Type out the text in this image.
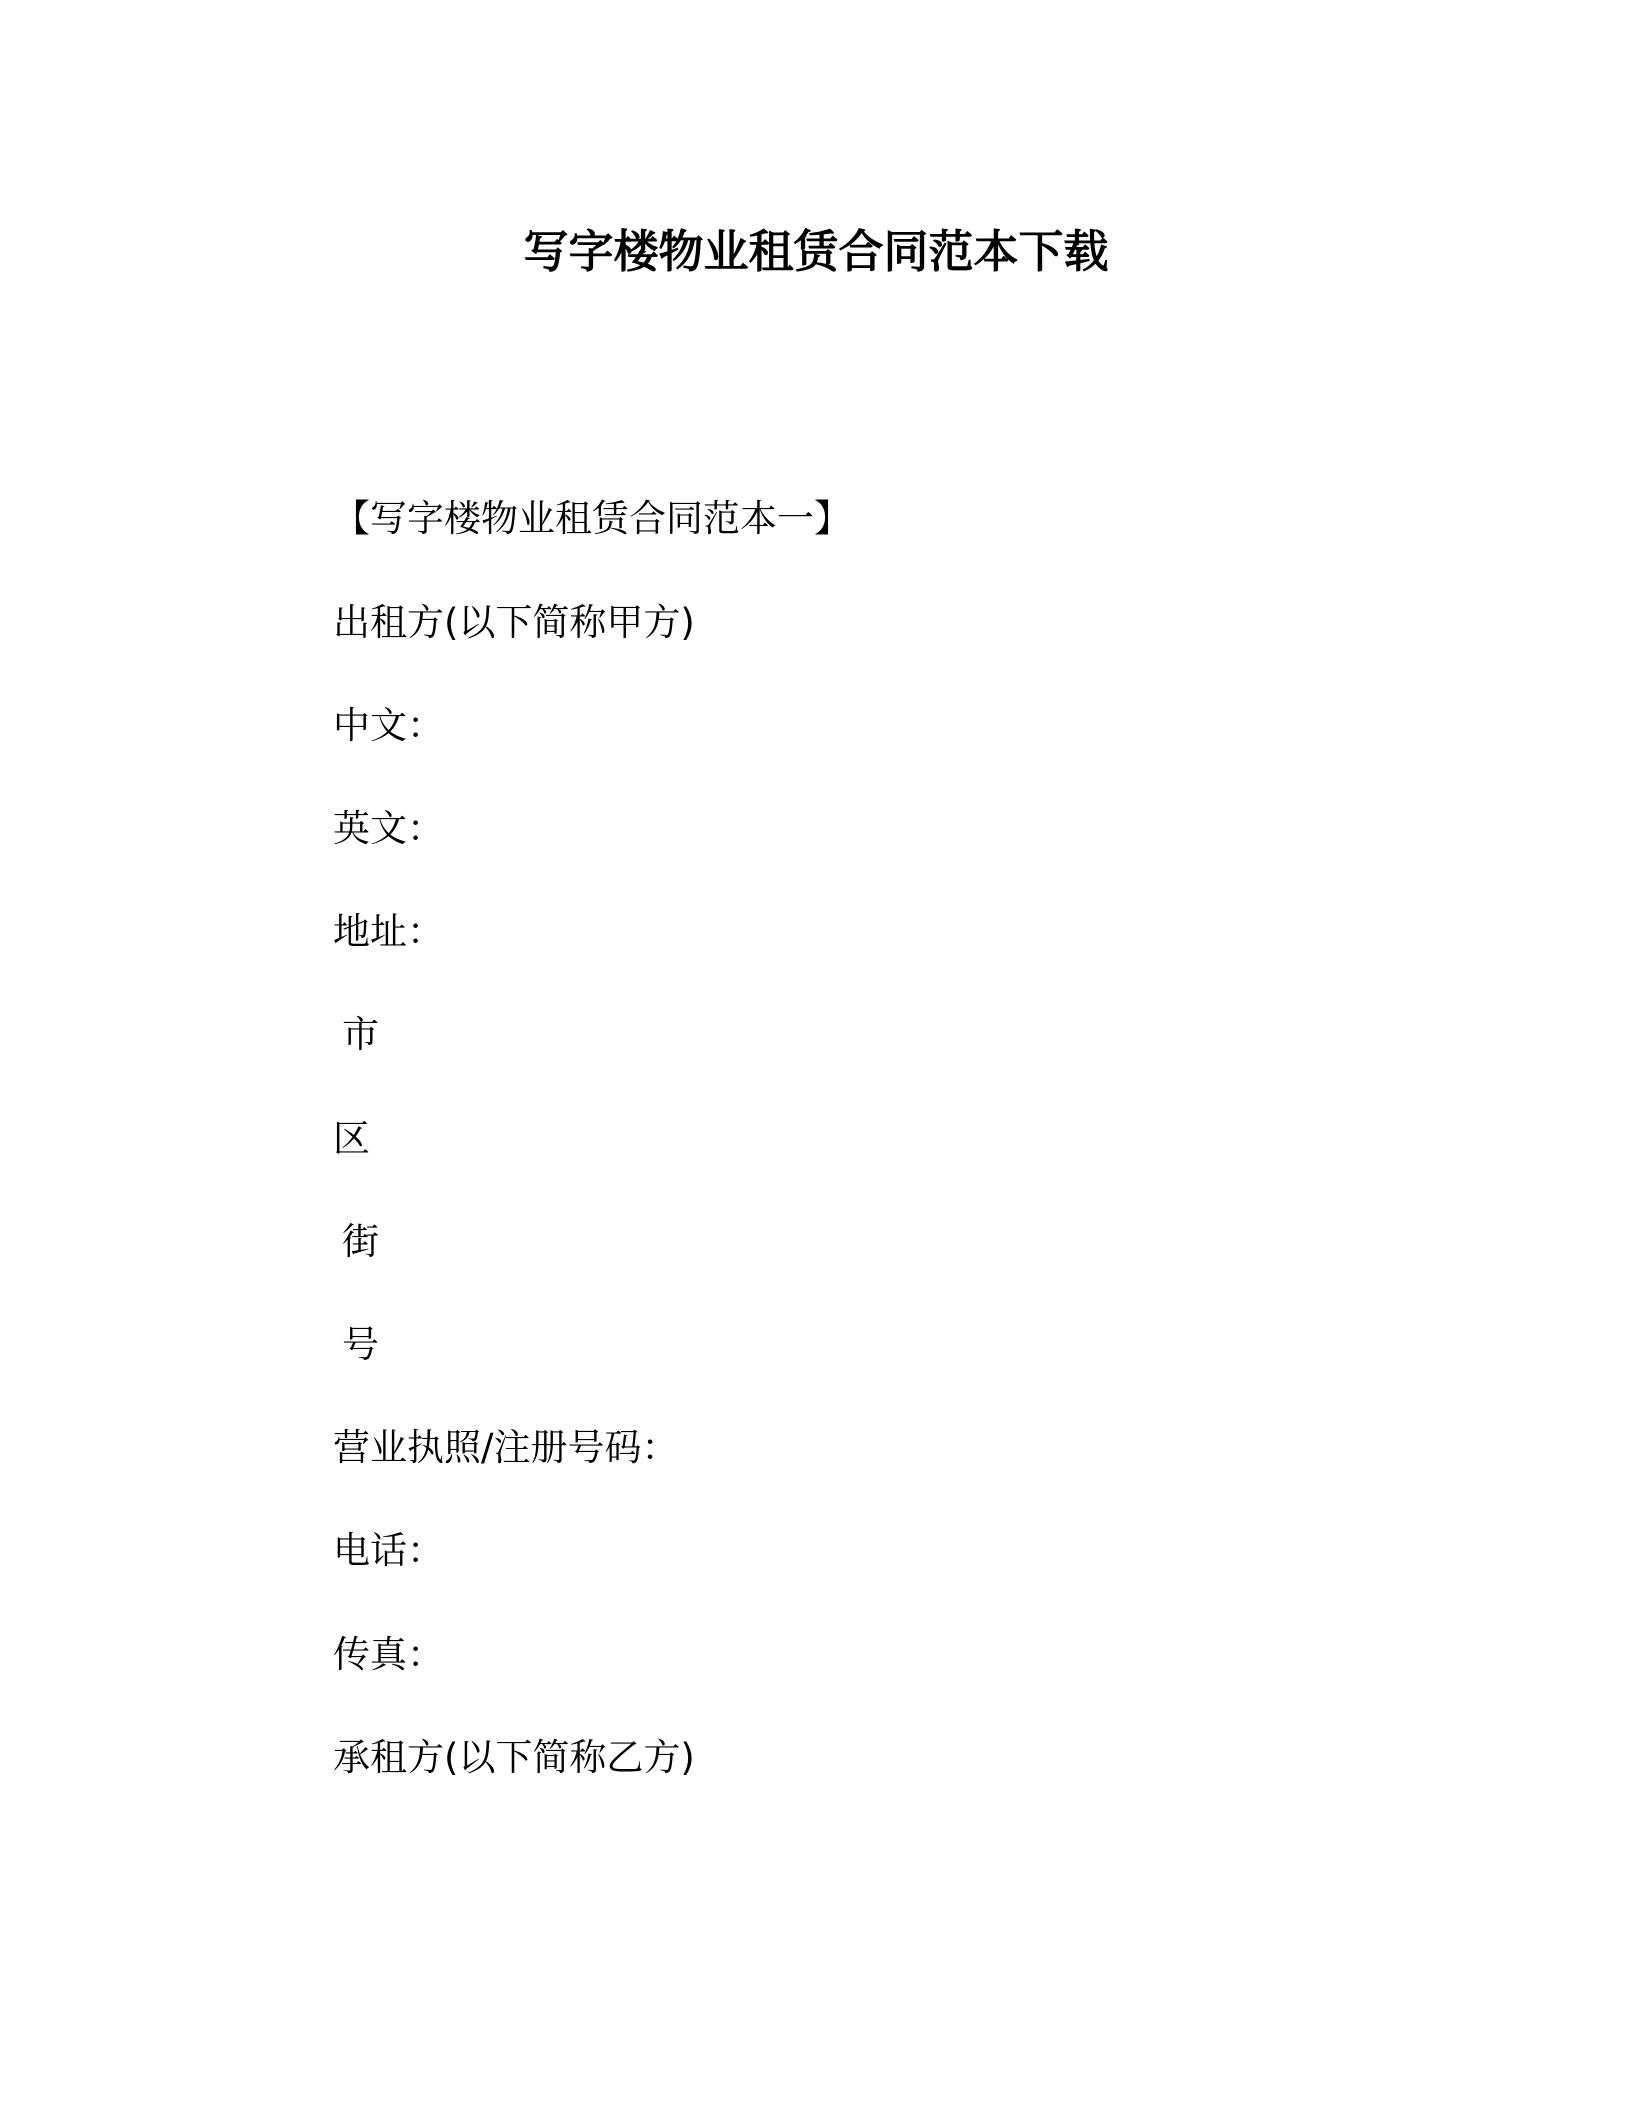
写字楼物业租赁合同范本下载
【写字楼物业租赁合同范本一】
出租方(以下简称甲方)
中文：
英文：
地址：
市
区
街
号
营业执照/注册号码：
电话：
传真：
承租方(以下简称乙方)
